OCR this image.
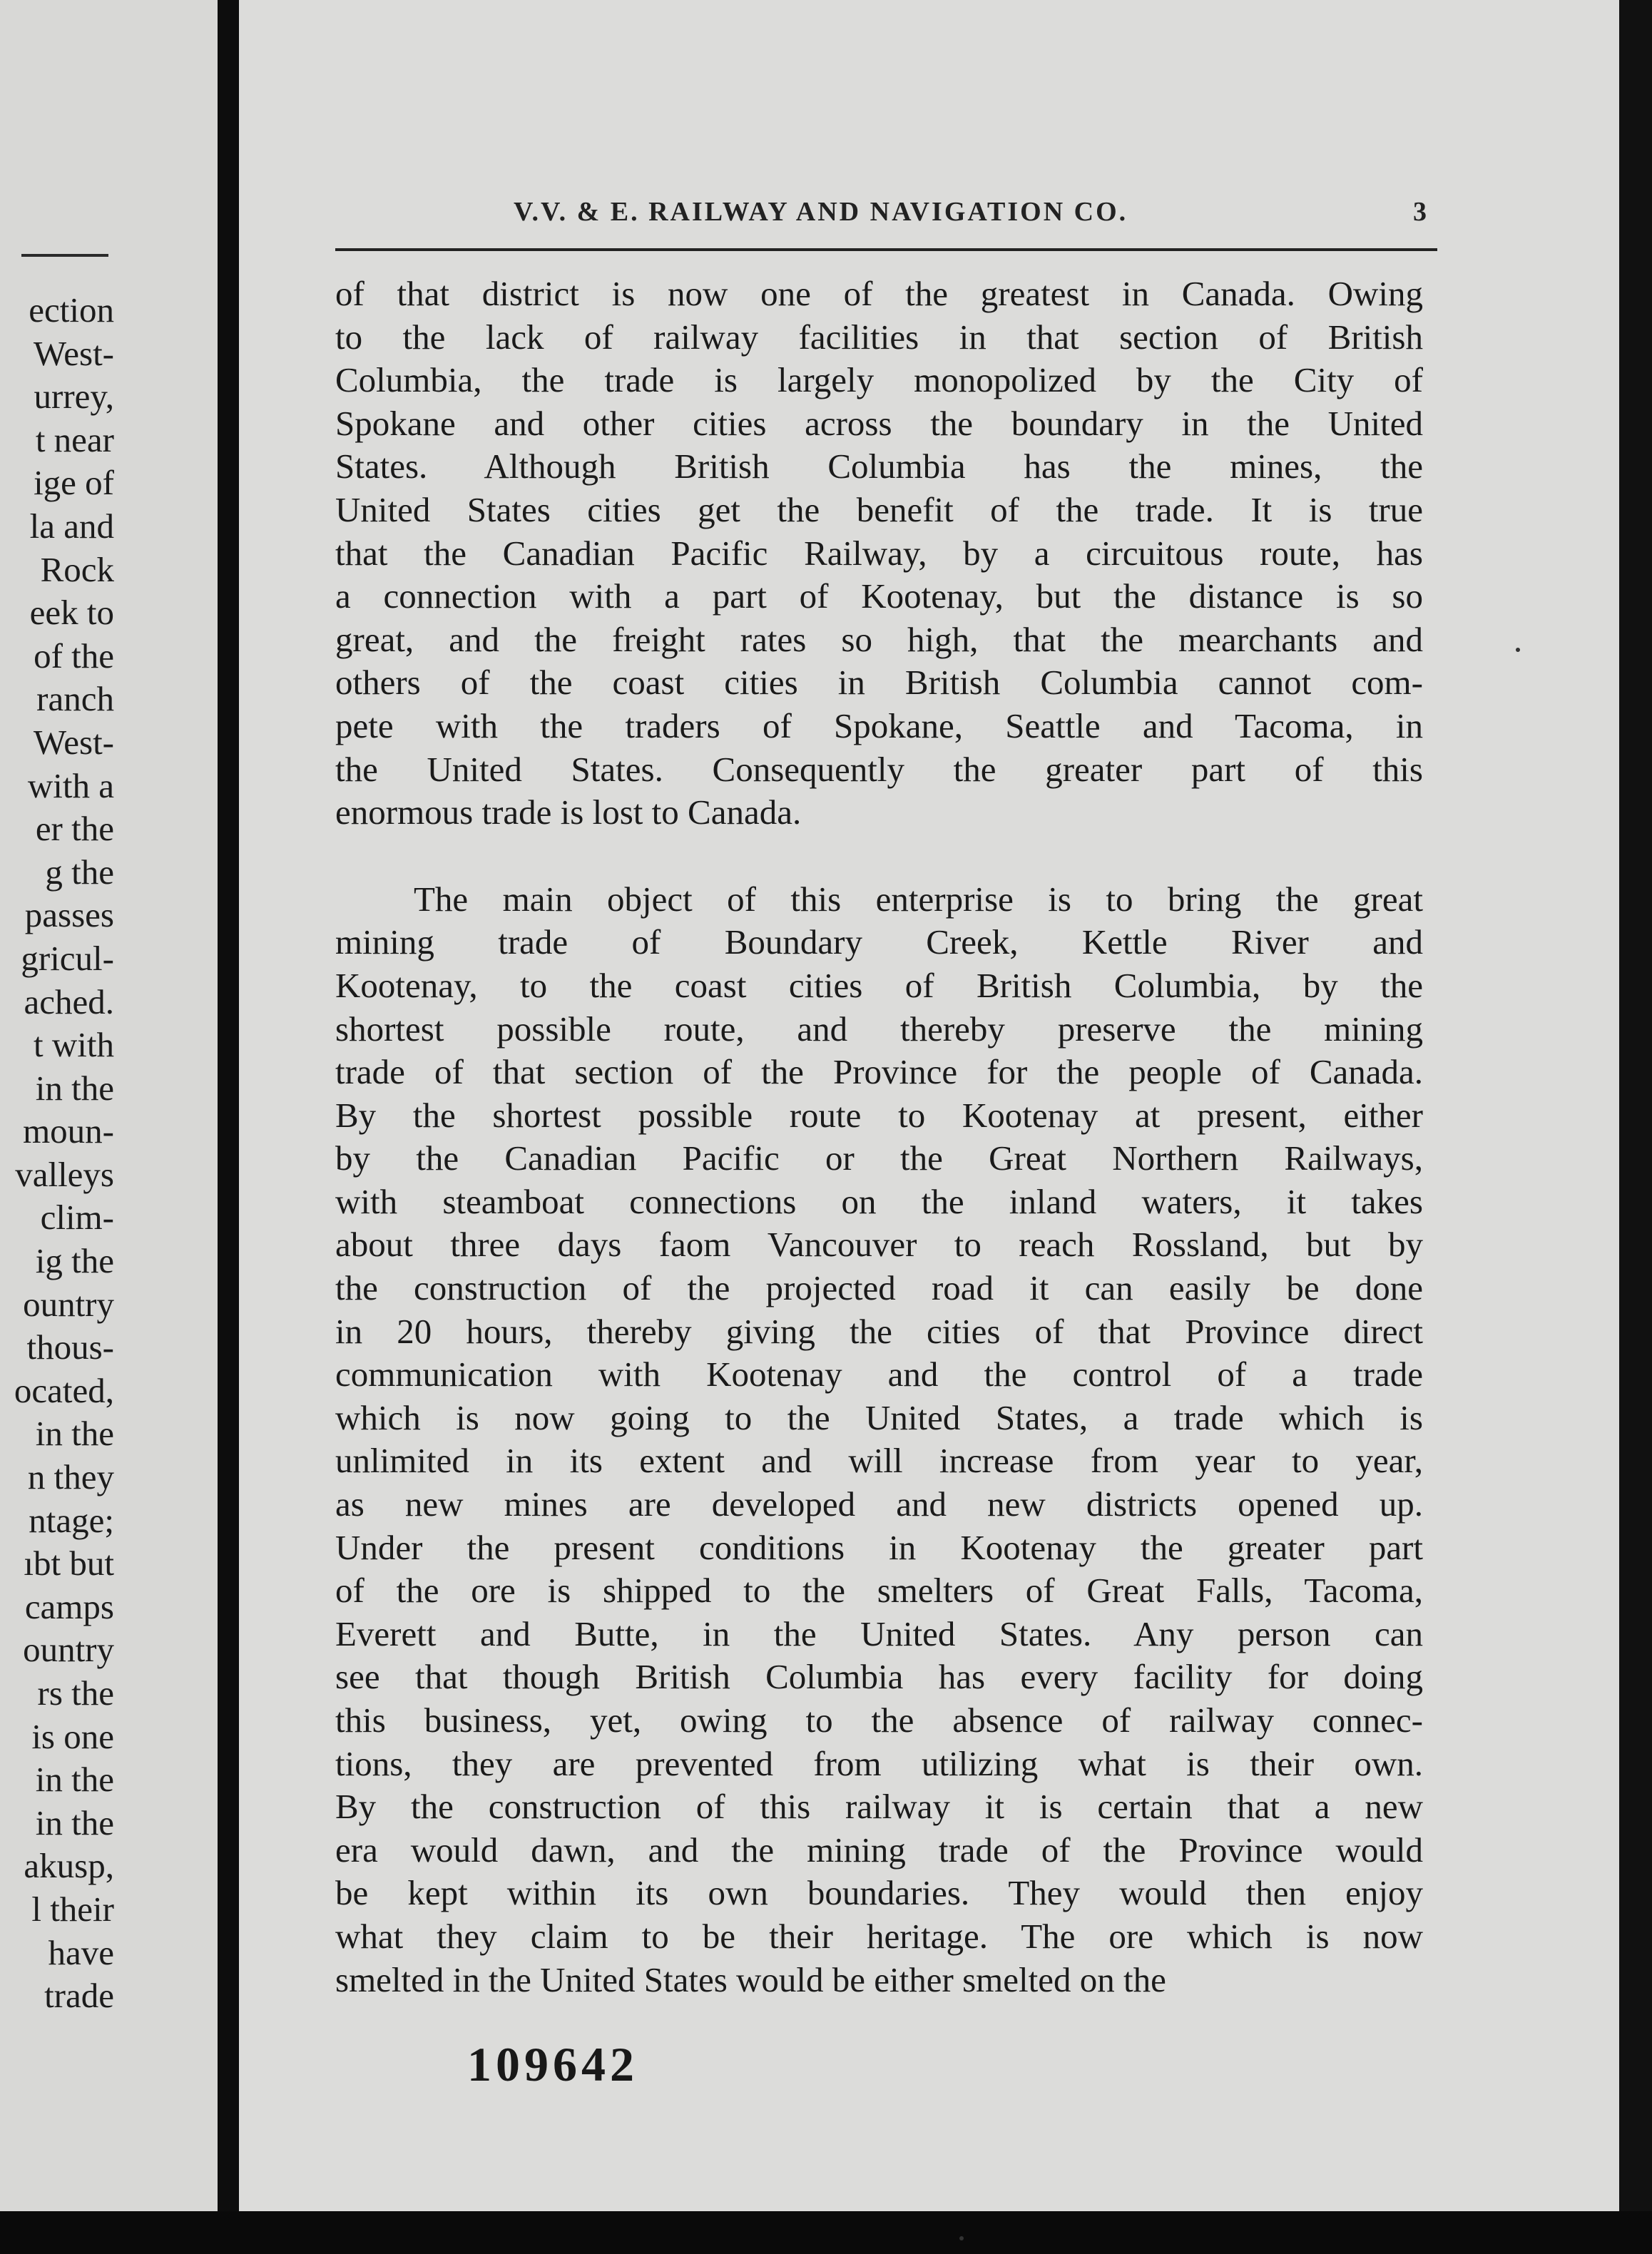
ection
West-
urrey,
t near
ige of
la and
Rock
eek to
of the
ranch
West-
with a
er the
g the
passes
gricul-
ached.
t with
in the
moun-
valleys
clim-
ig the
ountry
thous-
ocated,
in the
n they
ntage;
ıbt but
camps
ountry
rs the
is one
in the
in the
akusp,
l their
have
trade
V.V. & E. RAILWAY AND NAVIGATION CO.	3
of that district is now one of the greatest in Canada. Owing
to the lack of railway facilities in that section of British
Columbia, the trade is largely monopolized by the City of
Spokane and other cities across the boundary in the United
States. Although British Columbia has the mines, the
United States cities get the benefit of the trade. It is true
that the Canadian Pacific Railway, by a circuitous route, has
a connection with a part of Kootenay, but the distance is so
great, and the freight rates so high, that the mearchants and
others of the coast cities in British Columbia cannot com-
pete with the traders of Spokane, Seattle and Tacoma, in
the United States. Consequently the greater part of this
enormous trade is lost to Canada.
The main object of this enterprise is to bring the great
mining trade of Boundary Creek, Kettle River and
Kootenay, to the coast cities of British Columbia, by the
shortest possible route, and thereby preserve the mining
trade of that section of the Province for the people of Canada.
By the shortest possible route to Kootenay at present, either
by the Canadian Pacific or the Great Northern Railways,
with steamboat connections on the inland waters, it takes
about three days faom Vancouver to reach Rossland, but by
the construction of the projected road it can easily be done
in 20 hours, thereby giving the cities of that Province direct
communication with Kootenay and the control of a trade
which is now going to the United States, a trade which is
unlimited in its extent and will increase from year to year,
as new mines are developed and new districts opened up.
Under the present conditions in Kootenay the greater part
of the ore is shipped to the smelters of Great Falls, Tacoma,
Everett and Butte, in the United States. Any person can
see that though British Columbia has every facility for doing
this business, yet, owing to the absence of railway connec-
tions, they are prevented from utilizing what is their own.
By the construction of this railway it is certain that a new
era would dawn, and the mining trade of the Province would
be kept within its own boundaries. They would then enjoy
what they claim to be their heritage. The ore which is now
smelted in the United States would be either smelted on the
109642
